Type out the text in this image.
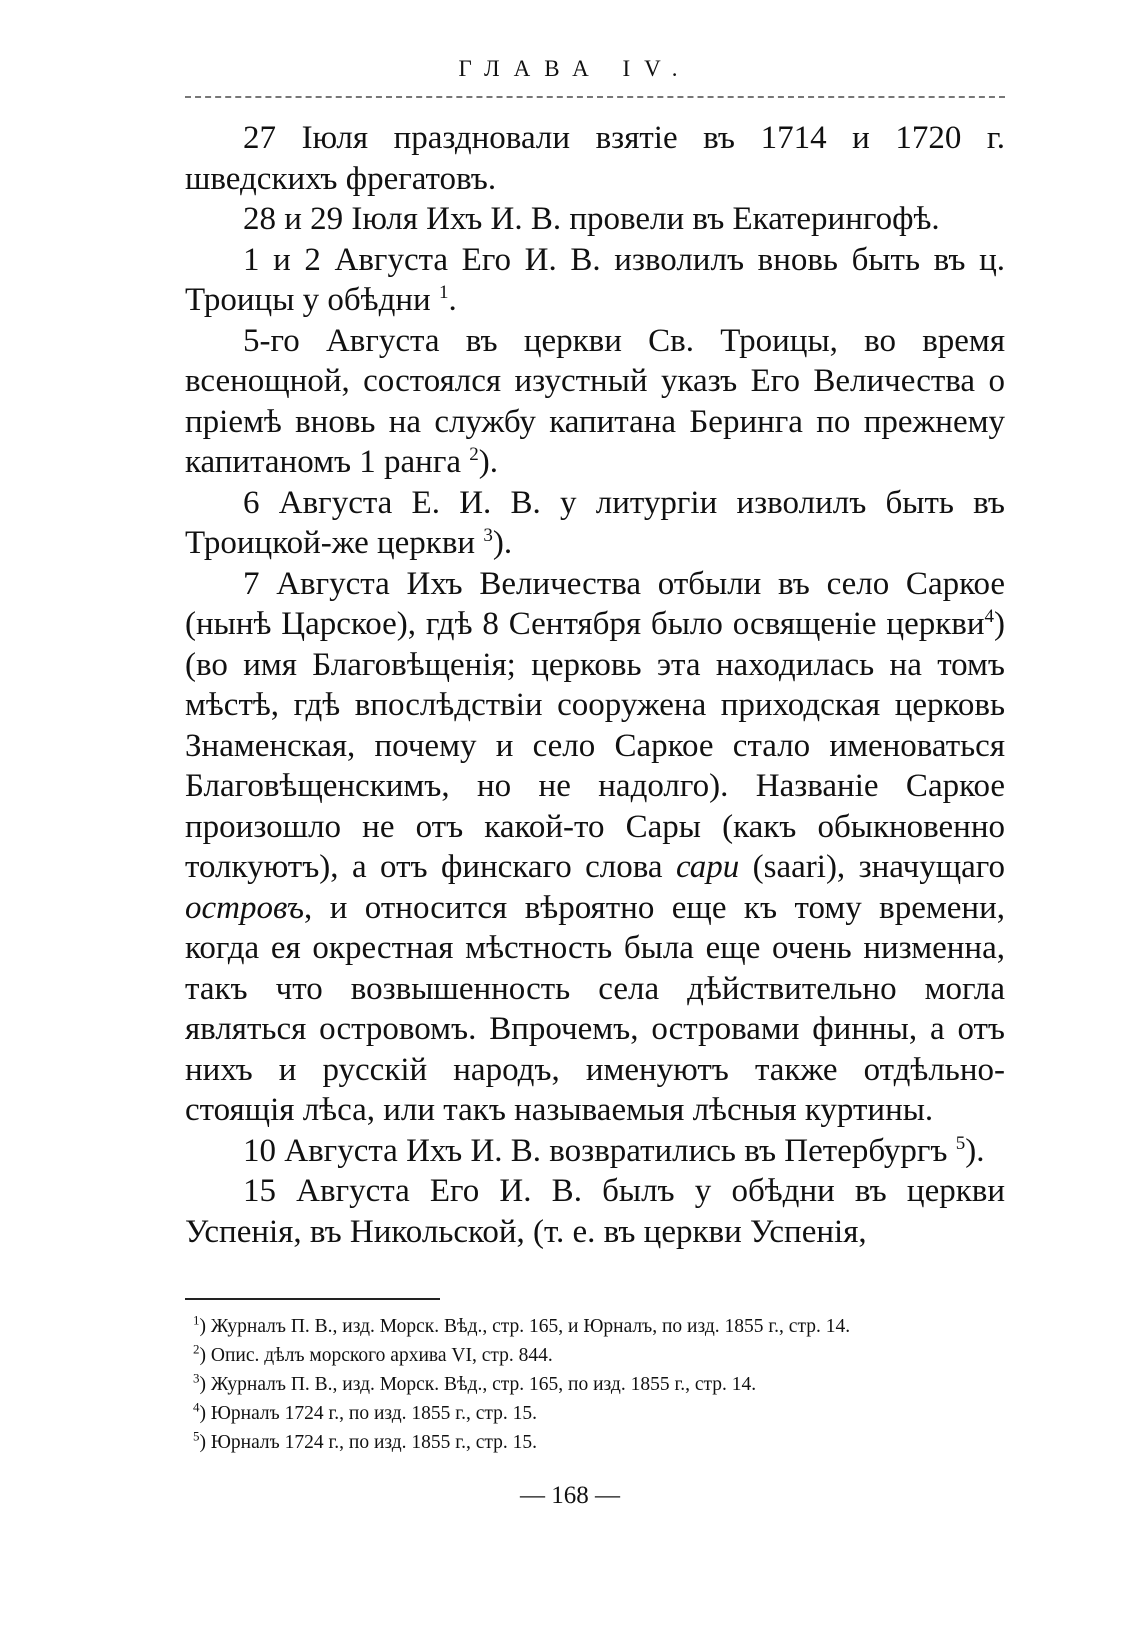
ГЛАВА IV.

27 Іюля праздновали взятіе въ 1714 и 1720 г. шведскихъ фрегатовъ.

28 и 29 Іюля Ихъ И. В. провели въ Екатерингофѣ.

1 и 2 Августа Его И. В. изволилъ вновь быть въ ц. Троицы у обѣдни $^1$.

5-го Августа въ церкви Св. Троицы, во время всенощной, состоялся изустный указъ Его Величества о пріемѣ вновь на службу капитана Беринга по прежнему капитаномъ 1 ранга $^2$).

6 Августа Е. И. В. у литургіи изволилъ быть въ Троицкой-же церкви $^3$).

7 Августа Ихъ Величества отбыли въ село Саркое (нынѣ Царское), гдѣ 8 Сентября было освященіе церкви$^4$) (во имя Благовѣщенія; церковь эта находилась на томъ мѣстѣ, гдѣ впослѣдствіи сооружена приходская церковь Знаменская, почему и село Саркое стало именоваться Благовѣщенскимъ, но не надолго). Названіе Саркое произошло не отъ какой-то Сары (какъ обыкновенно толкуютъ), а отъ финскаго слова сари (saari), значущаго островъ, и относится вѣроятно еще къ тому времени, когда ея окрестная мѣстность была еще очень низменна, такъ что возвышенность села дѣйствительно могла являться островомъ. Впрочемъ, островами финны, а отъ нихъ и русскій народъ, именуютъ также отдѣльно-стоящія лѣса, или такъ называемыя лѣсныя куртины.

10 Августа Ихъ И. В. возвратились въ Петербургъ $^5$).

15 Августа Его И. В. былъ у обѣдни въ церкви Успенія, въ Никольской, (т. е. въ церкви Успенія,

$^1$) Журналъ П. В., изд. Морск. Вѣд., стр. 165, и Юрналъ, по изд. 1855 г., стр. 14.

$^2$) Опис. дѣлъ морского архива VI, стр. 844.

$^3$) Журналъ П. В., изд. Морск. Вѣд., стр. 165, по изд. 1855 г., стр. 14.

$^4$) Юрналъ 1724 г., по изд. 1855 г., стр. 15.

$^5$) Юрналъ 1724 г., по изд. 1855 г., стр. 15.

— 168 —
